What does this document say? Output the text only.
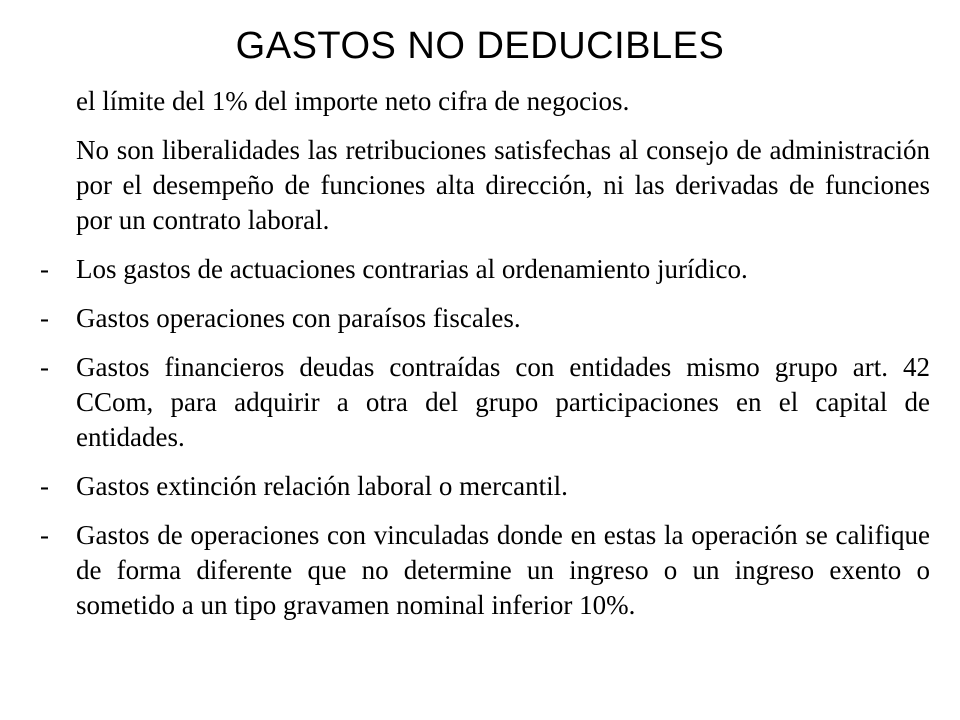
GASTOS NO DEDUCIBLES

el límite del 1% del importe neto cifra de negocios.

No son liberalidades las retribuciones satisfechas al consejo de administración por el desempeño de funciones alta dirección, ni las derivadas de funciones por un contrato laboral.

-	Los gastos de actuaciones contrarias al ordenamiento jurídico.
-	Gastos operaciones con paraísos fiscales.
-	Gastos financieros deudas contraídas con entidades mismo grupo art. 42 CCom, para adquirir a otra del grupo participaciones en el capital de entidades.
-	Gastos extinción relación laboral o mercantil.
-	Gastos de operaciones con vinculadas donde en estas la operación se califique de forma diferente que no determine un ingreso o un ingreso exento o sometido a un tipo gravamen nominal inferior 10%.
